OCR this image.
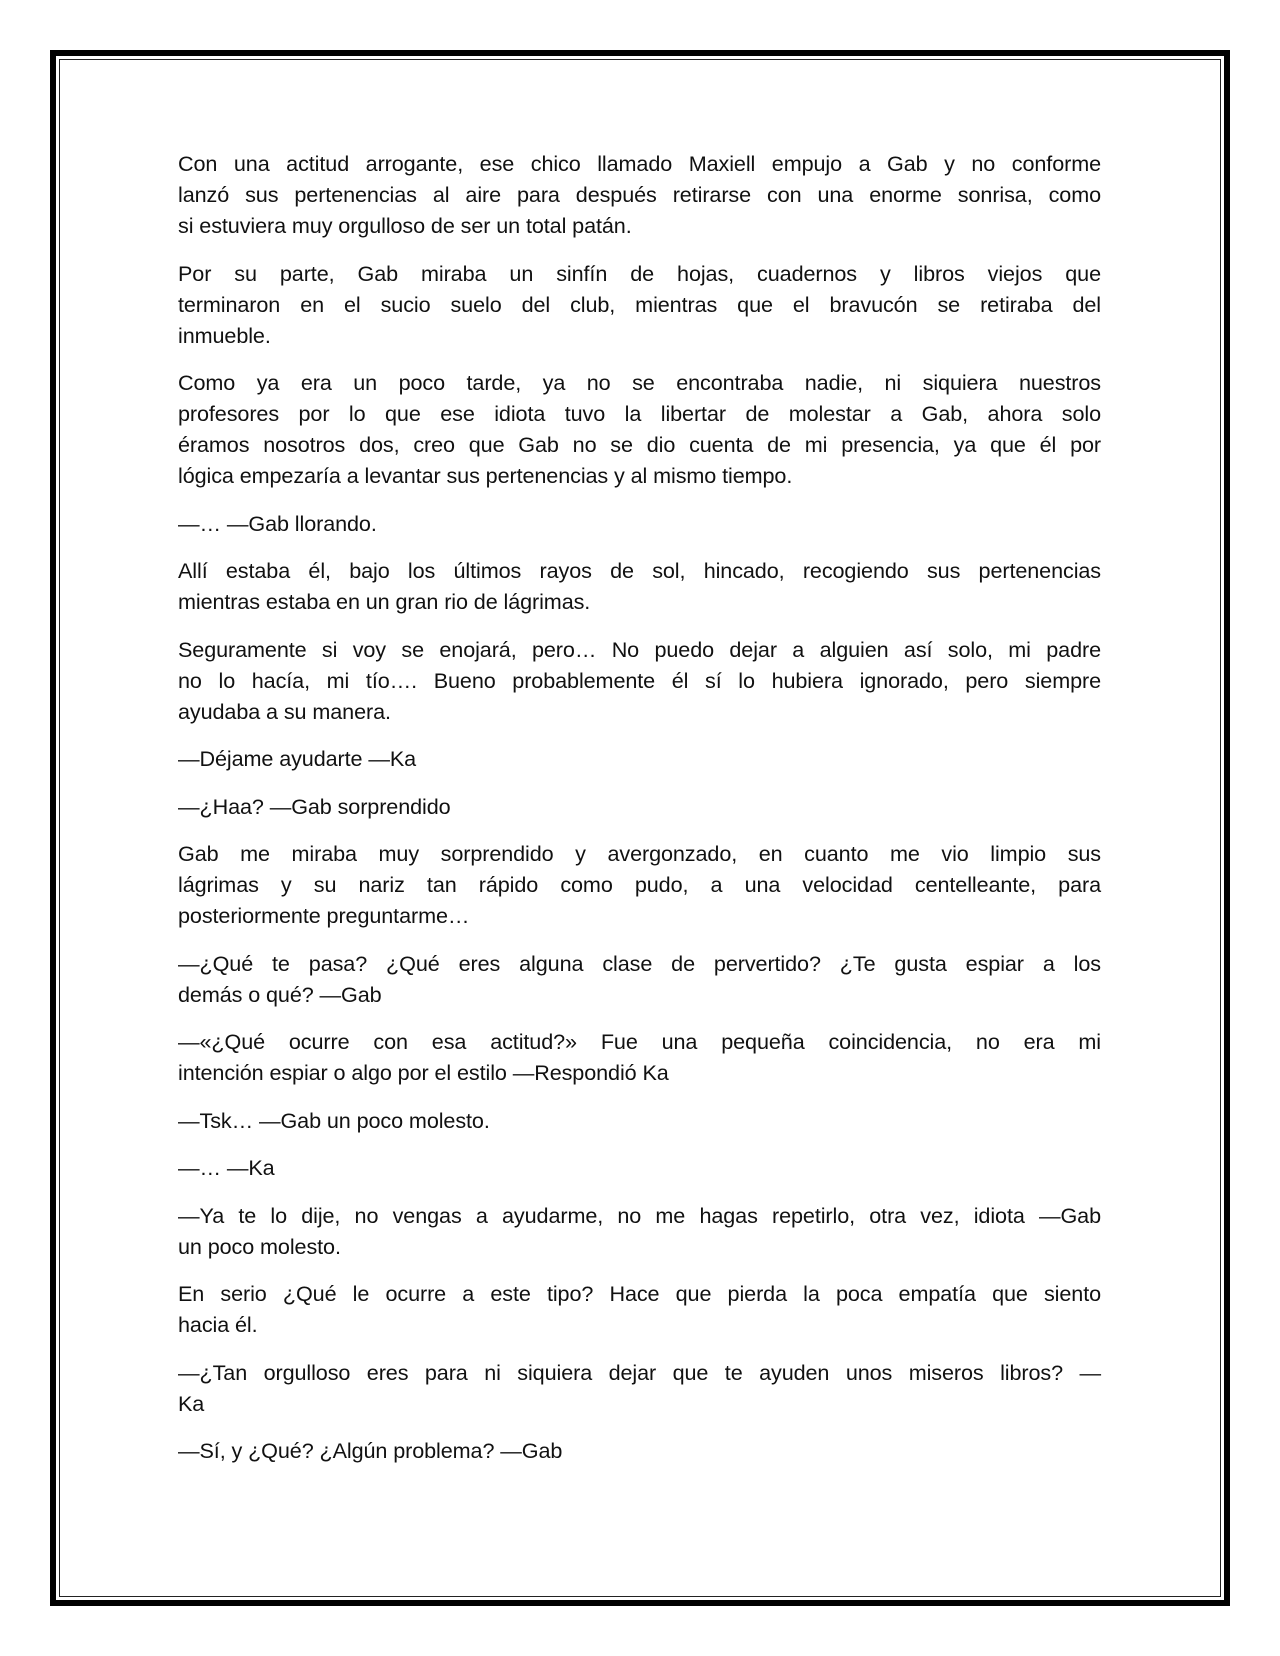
Con una actitud arrogante, ese chico llamado Maxiell empujo a Gab y no conforme
lanzó sus pertenencias al aire para después retirarse con una enorme sonrisa, como
si estuviera muy orgulloso de ser un total patán.

Por su parte, Gab miraba un sinfín de hojas, cuadernos y libros viejos que
terminaron en el sucio suelo del club, mientras que el bravucón se retiraba del
inmueble.

Como ya era un poco tarde, ya no se encontraba nadie, ni siquiera nuestros
profesores por lo que ese idiota tuvo la libertar de molestar a Gab, ahora solo
éramos nosotros dos, creo que Gab no se dio cuenta de mi presencia, ya que él por
lógica empezaría a levantar sus pertenencias y al mismo tiempo.

—… —Gab llorando.

Allí estaba él, bajo los últimos rayos de sol, hincado, recogiendo sus pertenencias
mientras estaba en un gran rio de lágrimas.

Seguramente si voy se enojará, pero… No puedo dejar a alguien así solo, mi padre
no lo hacía, mi tío…. Bueno probablemente él sí lo hubiera ignorado, pero siempre
ayudaba a su manera.

—Déjame ayudarte —Ka

—¿Haa? —Gab sorprendido

Gab me miraba muy sorprendido y avergonzado, en cuanto me vio limpio sus
lágrimas y su nariz tan rápido como pudo, a una velocidad centelleante, para
posteriormente preguntarme…

—¿Qué te pasa? ¿Qué eres alguna clase de pervertido? ¿Te gusta espiar a los
demás o qué? —Gab

—«¿Qué ocurre con esa actitud?» Fue una pequeña coincidencia, no era mi
intención espiar o algo por el estilo —Respondió Ka

—Tsk… —Gab un poco molesto.

—… —Ka

—Ya te lo dije, no vengas a ayudarme, no me hagas repetirlo, otra vez, idiota —Gab
un poco molesto.

En serio ¿Qué le ocurre a este tipo? Hace que pierda la poca empatía que siento
hacia él.

—¿Tan orgulloso eres para ni siquiera dejar que te ayuden unos miseros libros? —
Ka

—Sí, y ¿Qué? ¿Algún problema? —Gab
